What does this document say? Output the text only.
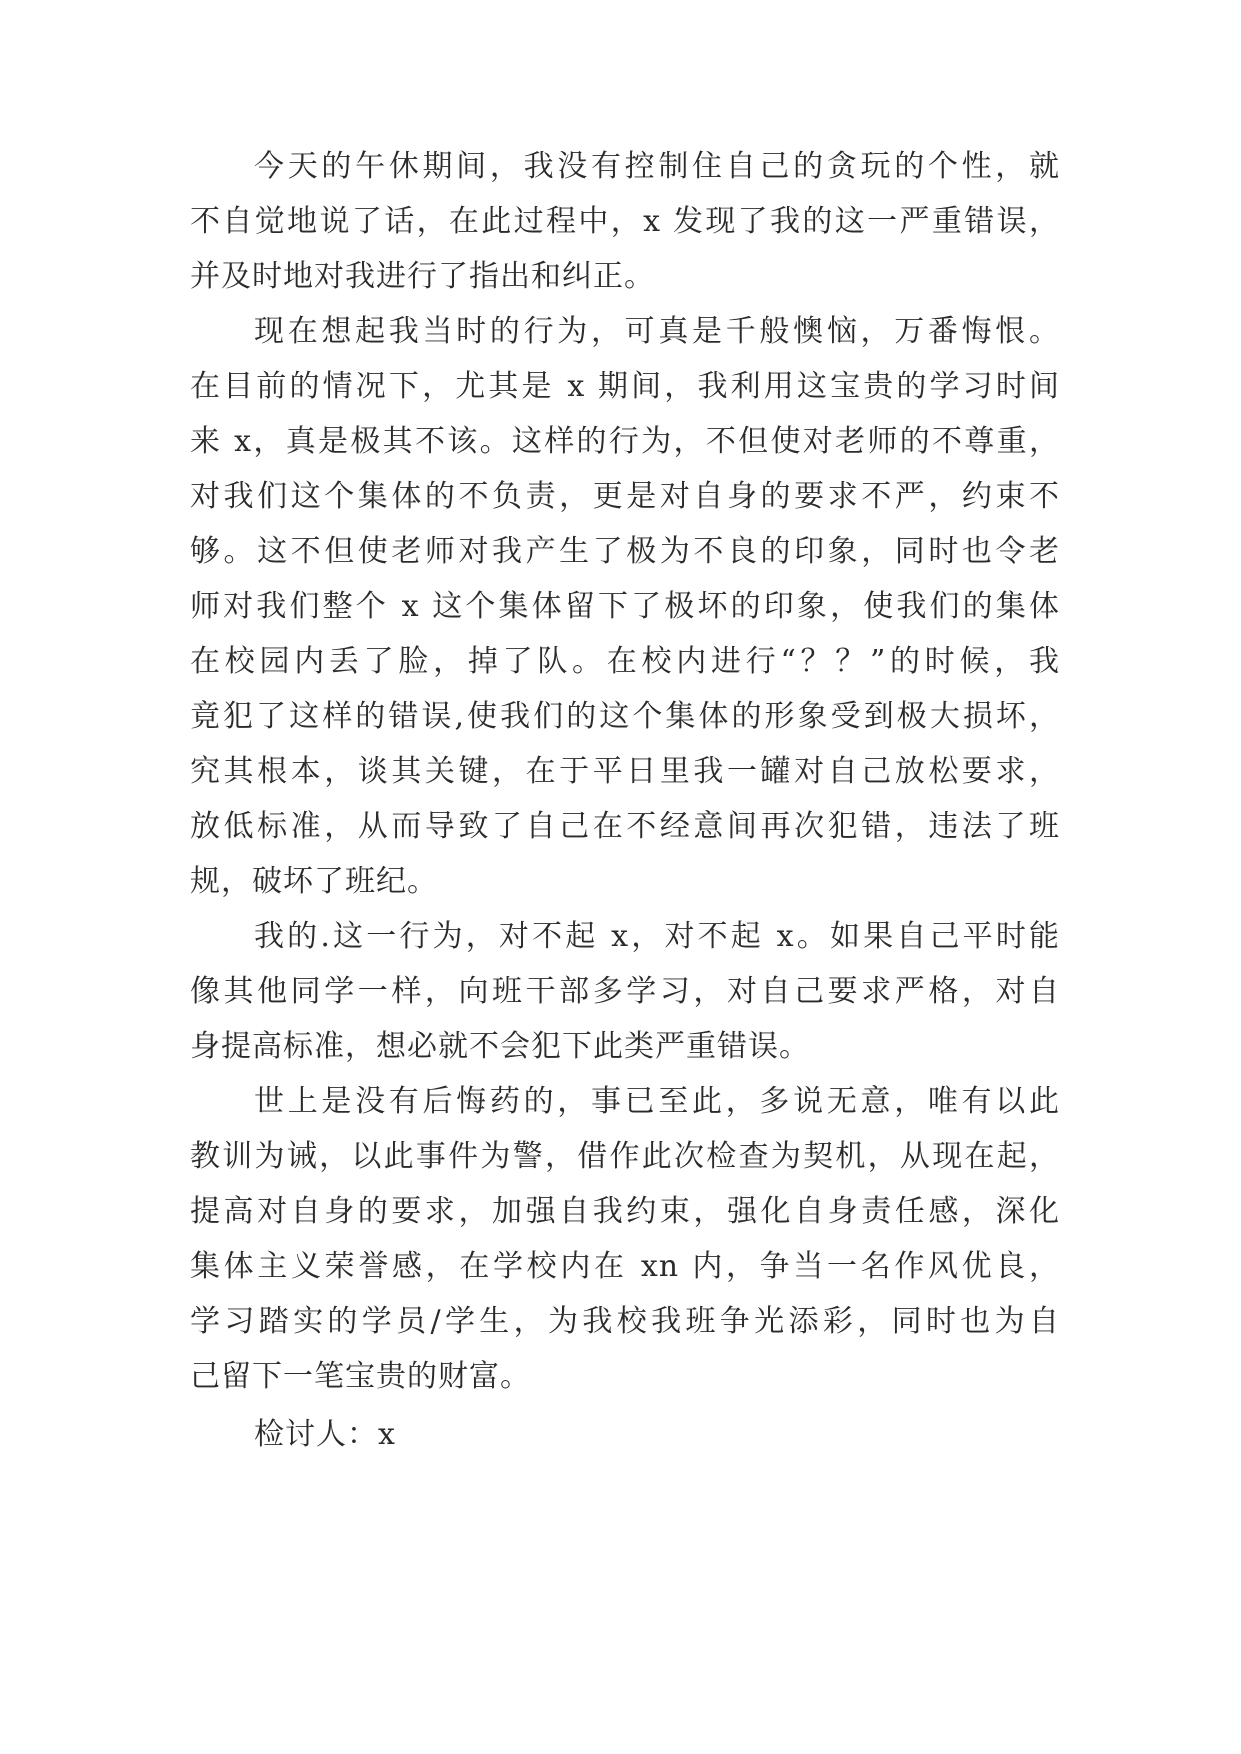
今天的午休期间，我没有控制住自己的贪玩的个性，就

不自觉地说了话，在此过程中，x 发现了我的这一严重错误，

并及时地对我进行了指出和纠正。

现在想起我当时的行为，可真是千般懊恼，万番悔恨。

在目前的情况下，尤其是 x 期间，我利用这宝贵的学习时间

来 x，真是极其不该。这样的行为，不但使对老师的不尊重，

对我们这个集体的不负责，更是对自身的要求不严，约束不

够。这不但使老师对我产生了极为不良的印象，同时也令老

师对我们整个 x 这个集体留下了极坏的印象，使我们的集体

在校园内丢了脸，掉了队。在校内进行“？？”的时候，我

竟犯了这样的错误,使我们的这个集体的形象受到极大损坏，

究其根本，谈其关键，在于平日里我一罐对自己放松要求，

放低标准，从而导致了自己在不经意间再次犯错，违法了班

规，破坏了班纪。

我的.这一行为，对不起 x，对不起 x。如果自己平时能

像其他同学一样，向班干部多学习，对自己要求严格，对自

身提高标准，想必就不会犯下此类严重错误。

世上是没有后悔药的，事已至此，多说无意，唯有以此

教训为诫，以此事件为警，借作此次检查为契机，从现在起，

提高对自身的要求，加强自我约束，强化自身责任感，深化

集体主义荣誉感，在学校内在 xn 内，争当一名作风优良，

学习踏实的学员/学生，为我校我班争光添彩，同时也为自

己留下一笔宝贵的财富。

检讨人：x
